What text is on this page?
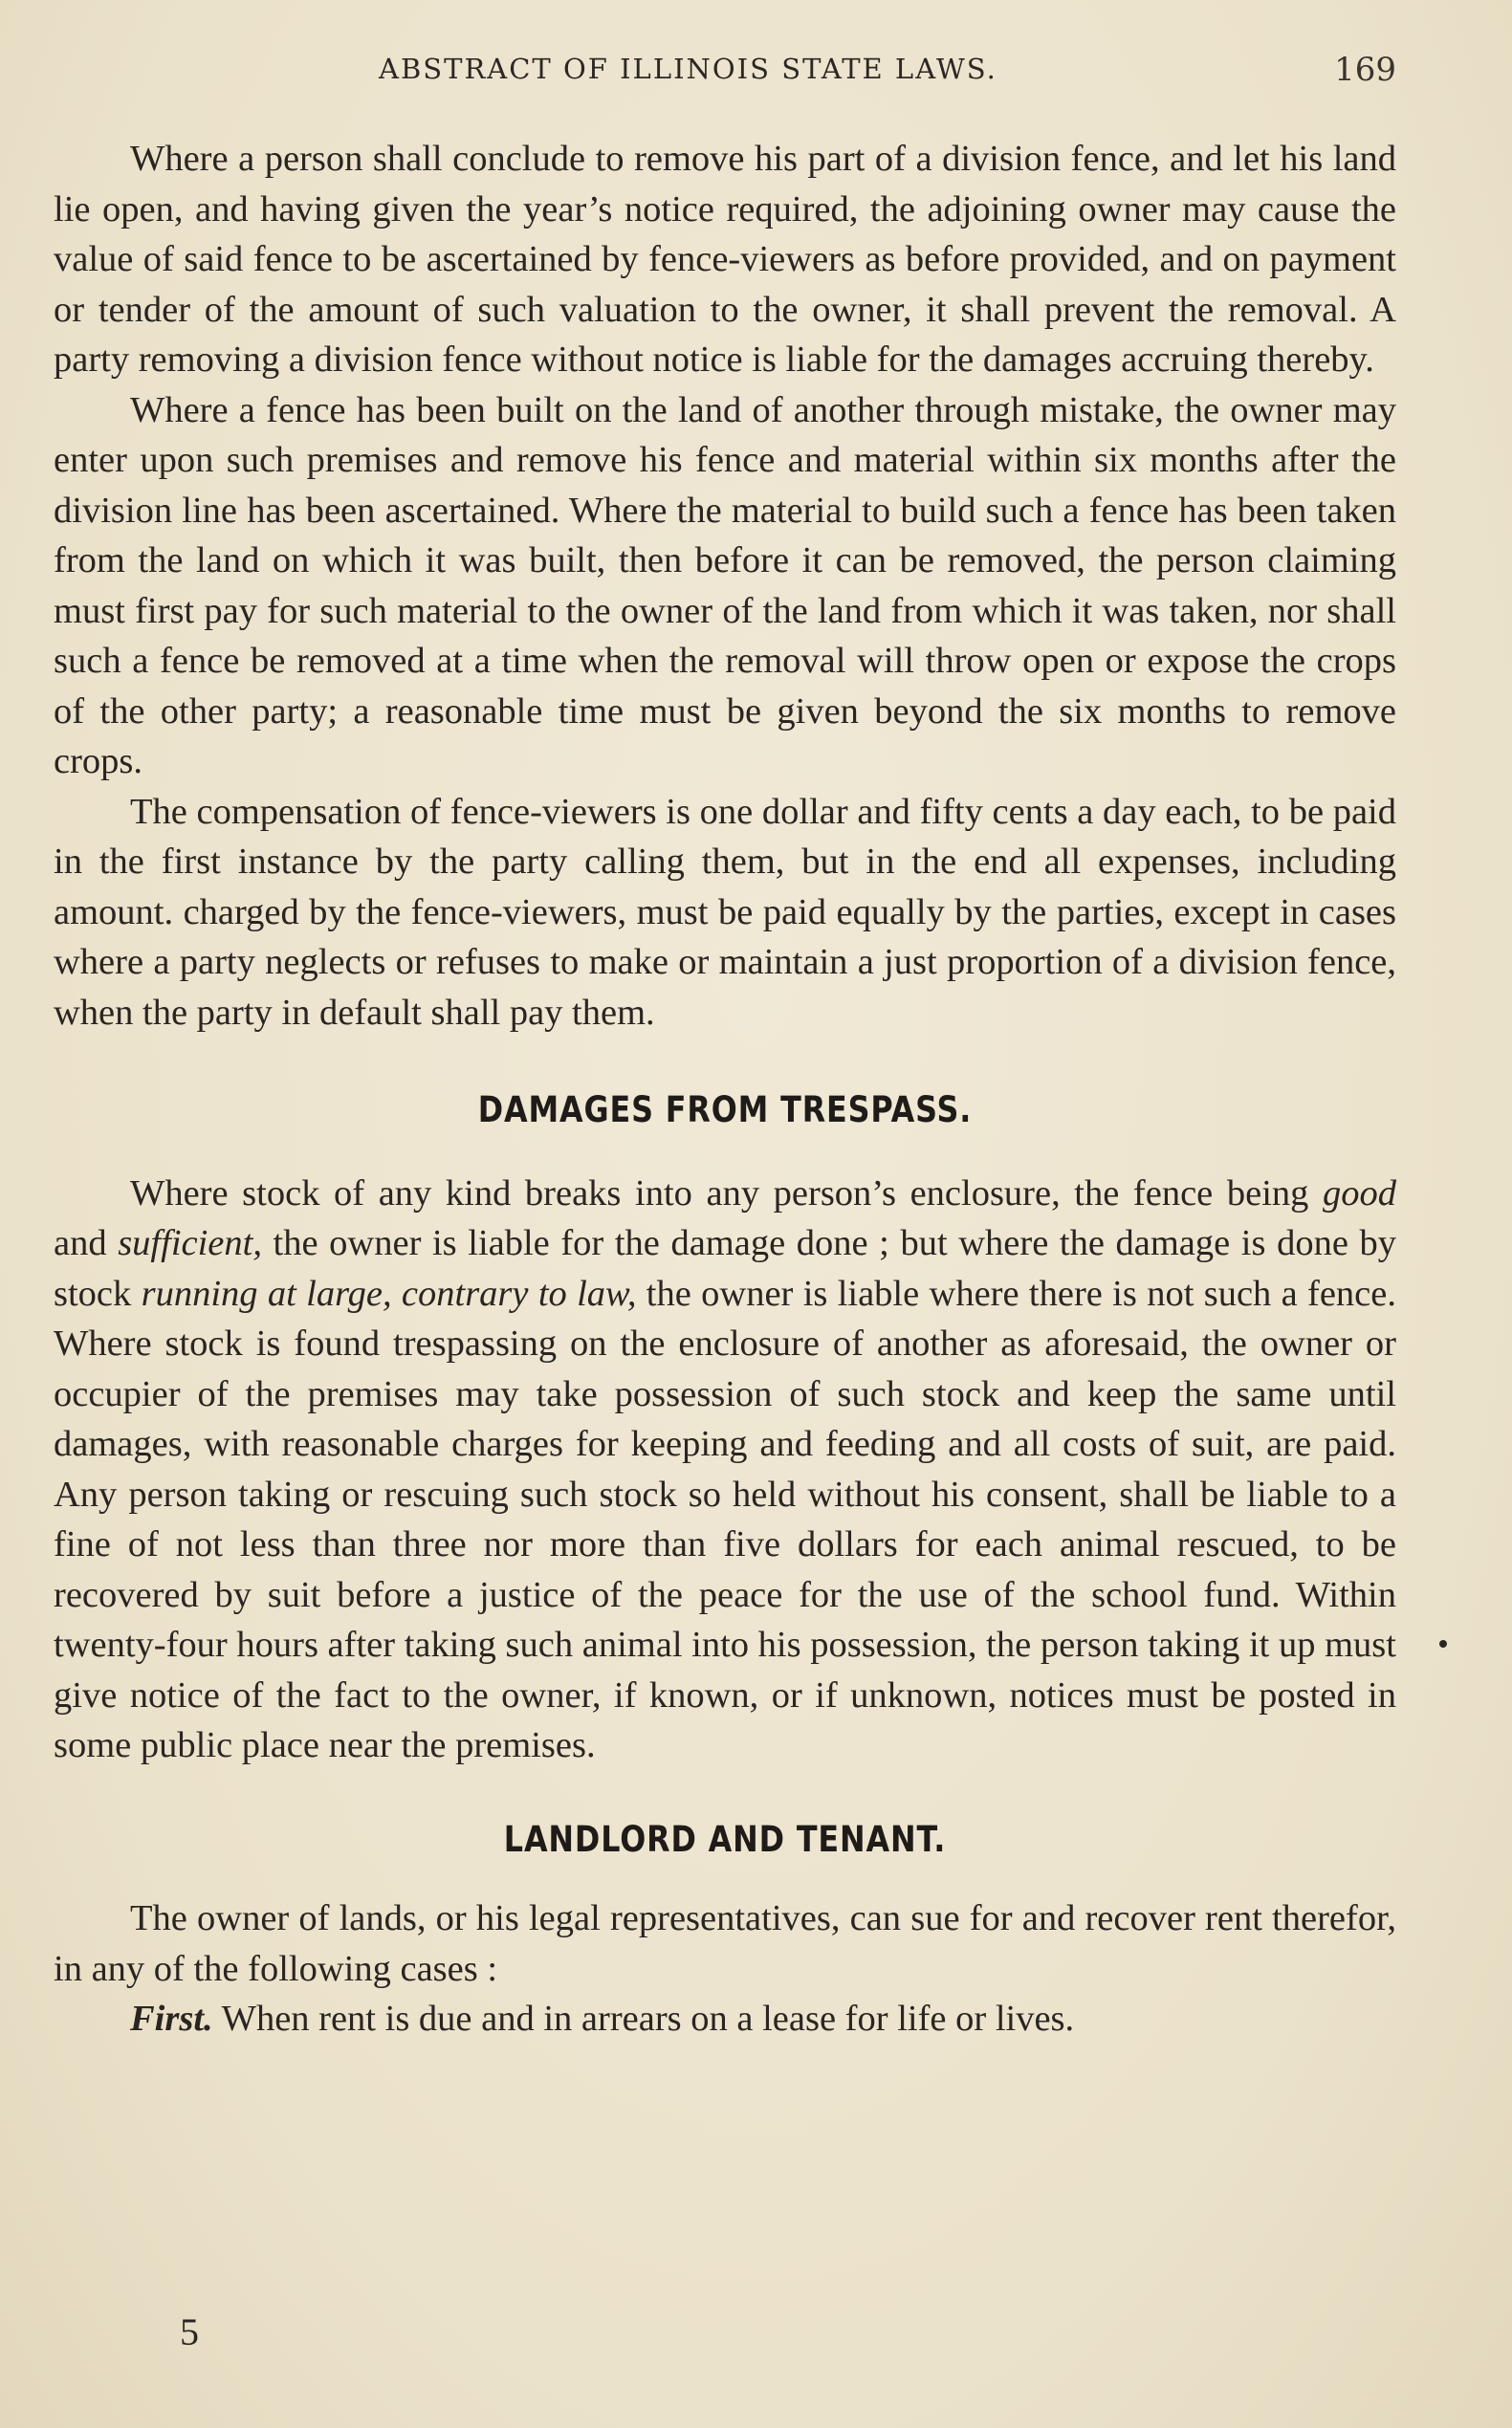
ABSTRACT OF ILLINOIS STATE LAWS.	169

Where a person shall conclude to remove his part of a division fence, and let his land lie open, and having given the year’s notice required, the adjoining owner may cause the value of said fence to be ascertained by fence-viewers as before provided, and on payment or tender of the amount of such valuation to the owner, it shall prevent the removal. A party removing a division fence without notice is liable for the damages accruing thereby.

Where a fence has been built on the land of another through mistake, the owner may enter upon such premises and remove his fence and material within six months after the division line has been ascertained. Where the material to build such a fence has been taken from the land on which it was built, then before it can be removed, the person claiming must first pay for such material to the owner of the land from which it was taken, nor shall such a fence be removed at a time when the removal will throw open or expose the crops of the other party; a reasonable time must be given beyond the six months to remove crops.

The compensation of fence-viewers is one dollar and fifty cents a day each, to be paid in the first instance by the party calling them, but in the end all expenses, including amount. charged by the fence-viewers, must be paid equally by the parties, except in cases where a party neglects or refuses to make or maintain a just proportion of a division fence, when the party in default shall pay them.

DAMAGES FROM TRESPASS.

Where stock of any kind breaks into any person’s enclosure, the fence being good and sufficient, the owner is liable for the damage done ; but where the damage is done by stock running at large, contrary to law, the owner is liable where there is not such a fence. Where stock is found trespassing on the enclosure of another as aforesaid, the owner or occupier of the premises may take possession of such stock and keep the same until damages, with reasonable charges for keeping and feeding and all costs of suit, are paid. Any person taking or rescuing such stock so held without his consent, shall be liable to a fine of not less than three nor more than five dollars for each animal rescued, to be recovered by suit before a justice of the peace for the use of the school fund. Within twenty-four hours after taking such animal into his possession, the person taking it up must give notice of the fact to the owner, if known, or if unknown, notices must be posted in some public place near the premises.

LANDLORD AND TENANT.

The owner of lands, or his legal representatives, can sue for and recover rent therefor, in any of the following cases :

First. When rent is due and in arrears on a lease for life or lives.

5
